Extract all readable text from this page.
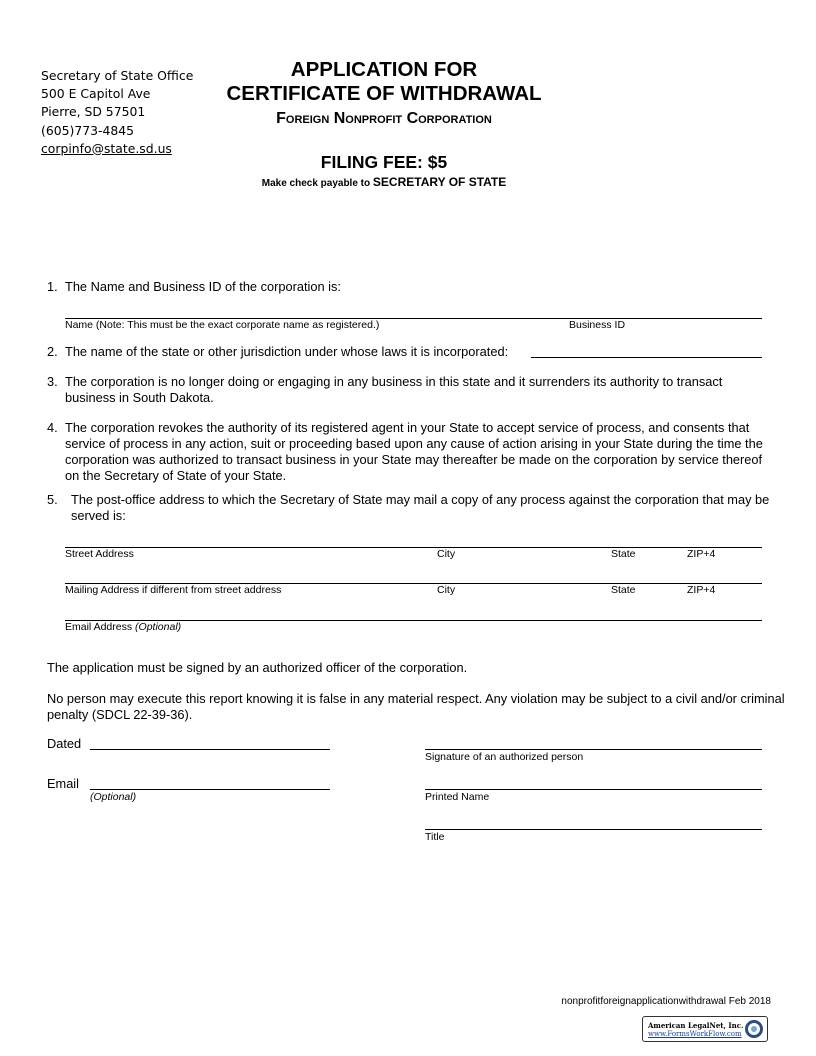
Secretary of State Office
500 E Capitol Ave
Pierre, SD 57501
(605)773-4845
corpinfo@state.sd.us
APPLICATION FOR
CERTIFICATE OF WITHDRAWAL
Foreign Nonprofit Corporation
FILING FEE: $5
Make check payable to SECRETARY OF STATE
1. The Name and Business ID of the corporation is:
Name (Note: This must be the exact corporate name as registered.)	Business ID
2. The name of the state or other jurisdiction under whose laws it is incorporated:
3. The corporation is no longer doing or engaging in any business in this state and it surrenders its authority to transact business in South Dakota.
4. The corporation revokes the authority of its registered agent in your State to accept service of process, and consents that service of process in any action, suit or proceeding based upon any cause of action arising in your State during the time the corporation was authorized to transact business in your State may thereafter be made on the corporation by service thereof on the Secretary of State of your State.
5. The post-office address to which the Secretary of State may mail a copy of any process against the corporation that may be served is:
Street Address	City	State	ZIP+4
Mailing Address if different from street address	City	State	ZIP+4
Email Address (Optional)
The application must be signed by an authorized officer of the corporation.
No person may execute this report knowing it is false in any material respect. Any violation may be subject to a civil and/or criminal penalty (SDCL 22-39-36).
Dated
Email
(Optional)
Signature of an authorized person
Printed Name
Title
nonprofitforeignapplicationwithdrawal Feb 2018
American LegalNet, Inc.
www.FormsWorkFlow.com
